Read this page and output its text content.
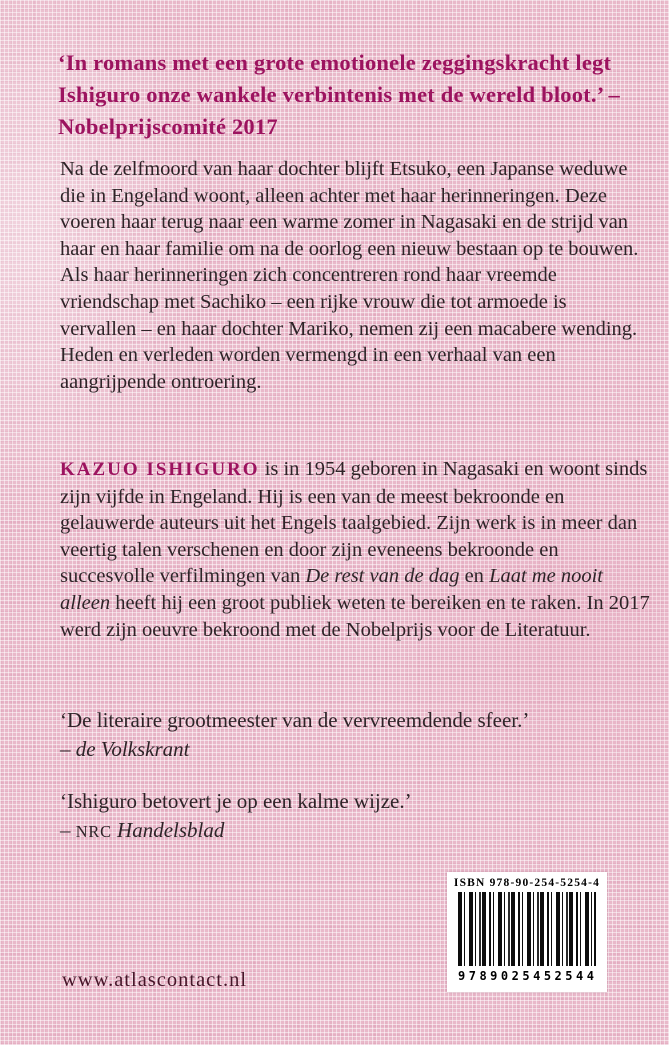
‘In romans met een grote emotionele zeggingskracht legt Ishiguro onze wankele verbintenis met de wereld bloot.’ – Nobelprijscomité 2017
Na de zelfmoord van haar dochter blijft Etsuko, een Japanse weduwe die in Engeland woont, alleen achter met haar herinneringen. Deze voeren haar terug naar een warme zomer in Nagasaki en de strijd van haar en haar familie om na de oorlog een nieuw bestaan op te bouwen. Als haar herinneringen zich concentreren rond haar vreemde vriendschap met Sachiko – een rijke vrouw die tot armoede is vervallen – en haar dochter Mariko, nemen zij een macabere wending. Heden en verleden worden vermengd in een verhaal van een aangrijpende ontroering.
KAZUO ISHIGURO is in 1954 geboren in Nagasaki en woont sinds zijn vijfde in Engeland. Hij is een van de meest bekroonde en gelauwerde auteurs uit het Engels taalgebied. Zijn werk is in meer dan veertig talen verschenen en door zijn eveneens bekroonde en succesvolle verfilmingen van De rest van de dag en Laat me nooit alleen heeft hij een groot publiek weten te bereiken en te raken. In 2017 werd zijn oeuvre bekroond met de Nobelprijs voor de Literatuur.
‘De literaire grootmeester van de vervreemdende sfeer.’
– de Volkskrant
‘Ishiguro betovert je op een kalme wijze.’
– NRC Handelsblad
ISBN 978-90-254-5254-4
9 789025 452544
www.atlascontact.nl
